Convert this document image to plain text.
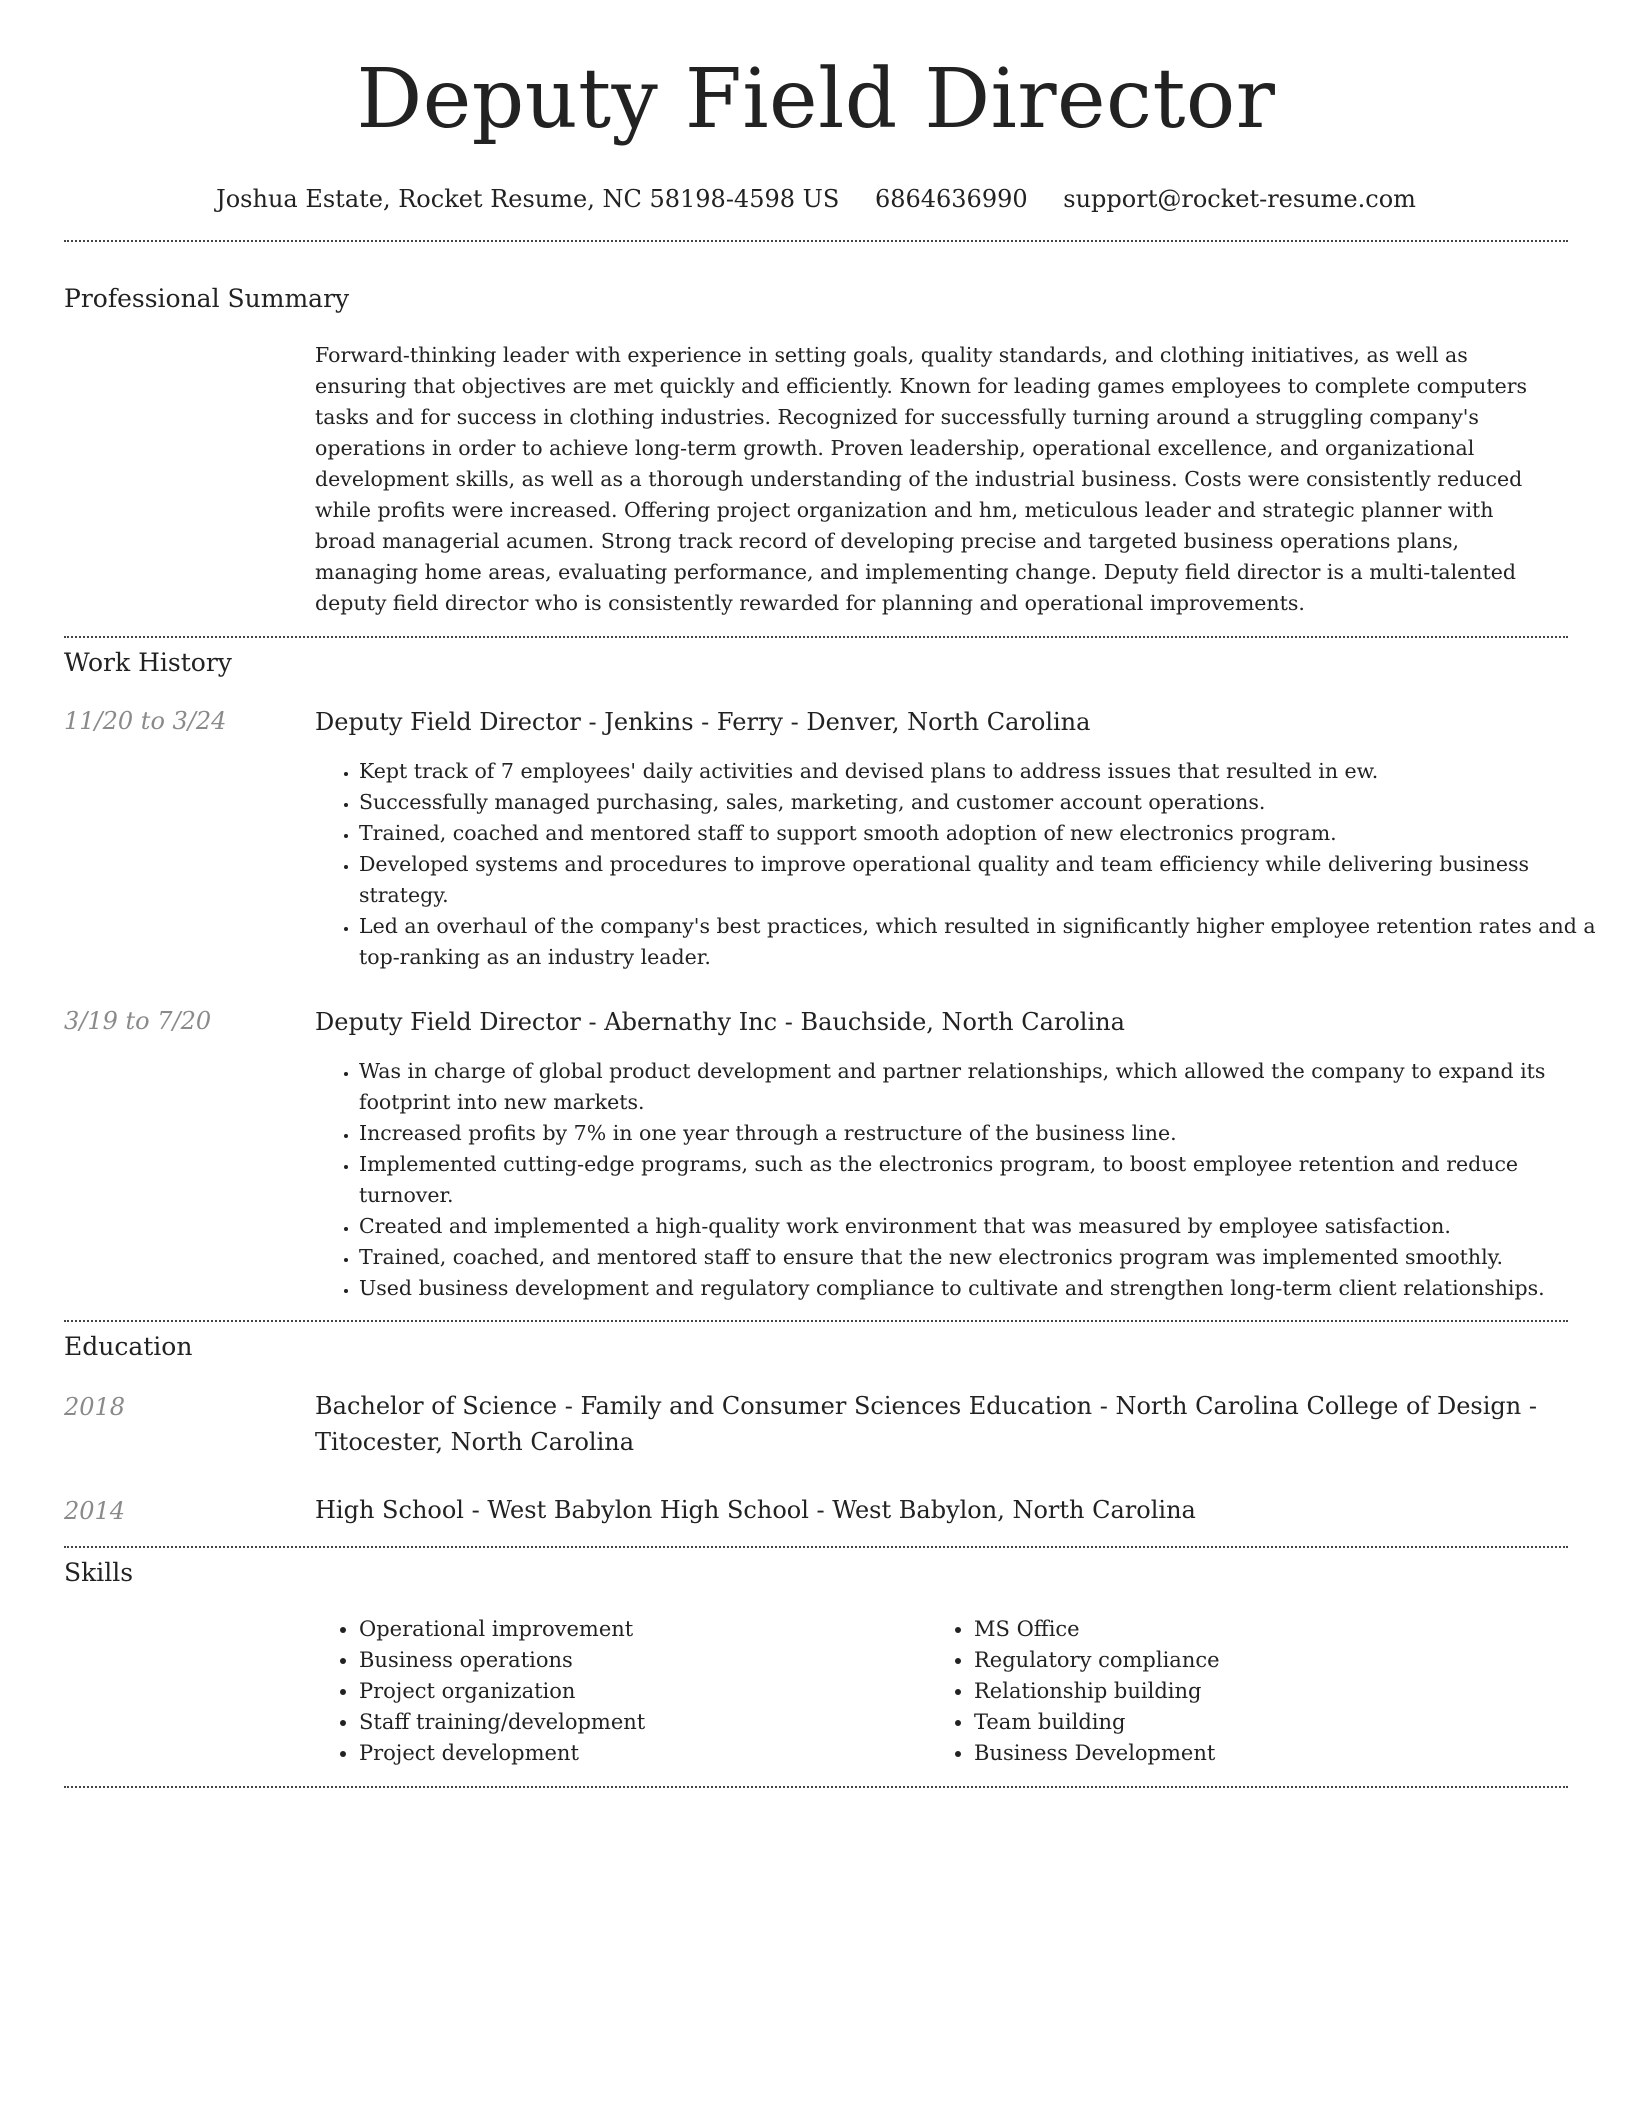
Deputy Field Director
Joshua Estate, Rocket Resume, NC 58198-4598 US 6864636990 support@rocket-resume.com
Professional Summary
Forward-thinking leader with experience in setting goals, quality standards, and clothing initiatives, as well as ensuring that objectives are met quickly and efficiently. Known for leading games employees to complete computers tasks and for success in clothing industries. Recognized for successfully turning around a struggling company's operations in order to achieve long-term growth. Proven leadership, operational excellence, and organizational development skills, as well as a thorough understanding of the industrial business. Costs were consistently reduced while profits were increased. Offering project organization and hm, meticulous leader and strategic planner with broad managerial acumen. Strong track record of developing precise and targeted business operations plans, managing home areas, evaluating performance, and implementing change. Deputy field director is a multi-talented deputy field director who is consistently rewarded for planning and operational improvements.
Work History
11/20 to 3/24	Deputy Field Director - Jenkins - Ferry - Denver, North Carolina
• Kept track of 7 employees' daily activities and devised plans to address issues that resulted in ew.
• Successfully managed purchasing, sales, marketing, and customer account operations.
• Trained, coached and mentored staff to support smooth adoption of new electronics program.
• Developed systems and procedures to improve operational quality and team efficiency while delivering business strategy.
• Led an overhaul of the company's best practices, which resulted in significantly higher employee retention rates and a top-ranking as an industry leader.
3/19 to 7/20	Deputy Field Director - Abernathy Inc - Bauchside, North Carolina
• Was in charge of global product development and partner relationships, which allowed the company to expand its footprint into new markets.
• Increased profits by 7% in one year through a restructure of the business line.
• Implemented cutting-edge programs, such as the electronics program, to boost employee retention and reduce turnover.
• Created and implemented a high-quality work environment that was measured by employee satisfaction.
• Trained, coached, and mentored staff to ensure that the new electronics program was implemented smoothly.
• Used business development and regulatory compliance to cultivate and strengthen long-term client relationships.
Education
2018	Bachelor of Science - Family and Consumer Sciences Education - North Carolina College of Design - Titocester, North Carolina
2014	High School - West Babylon High School - West Babylon, North Carolina
Skills
• Operational improvement
• Business operations
• Project organization
• Staff training/development
• Project development
• MS Office
• Regulatory compliance
• Relationship building
• Team building
• Business Development
